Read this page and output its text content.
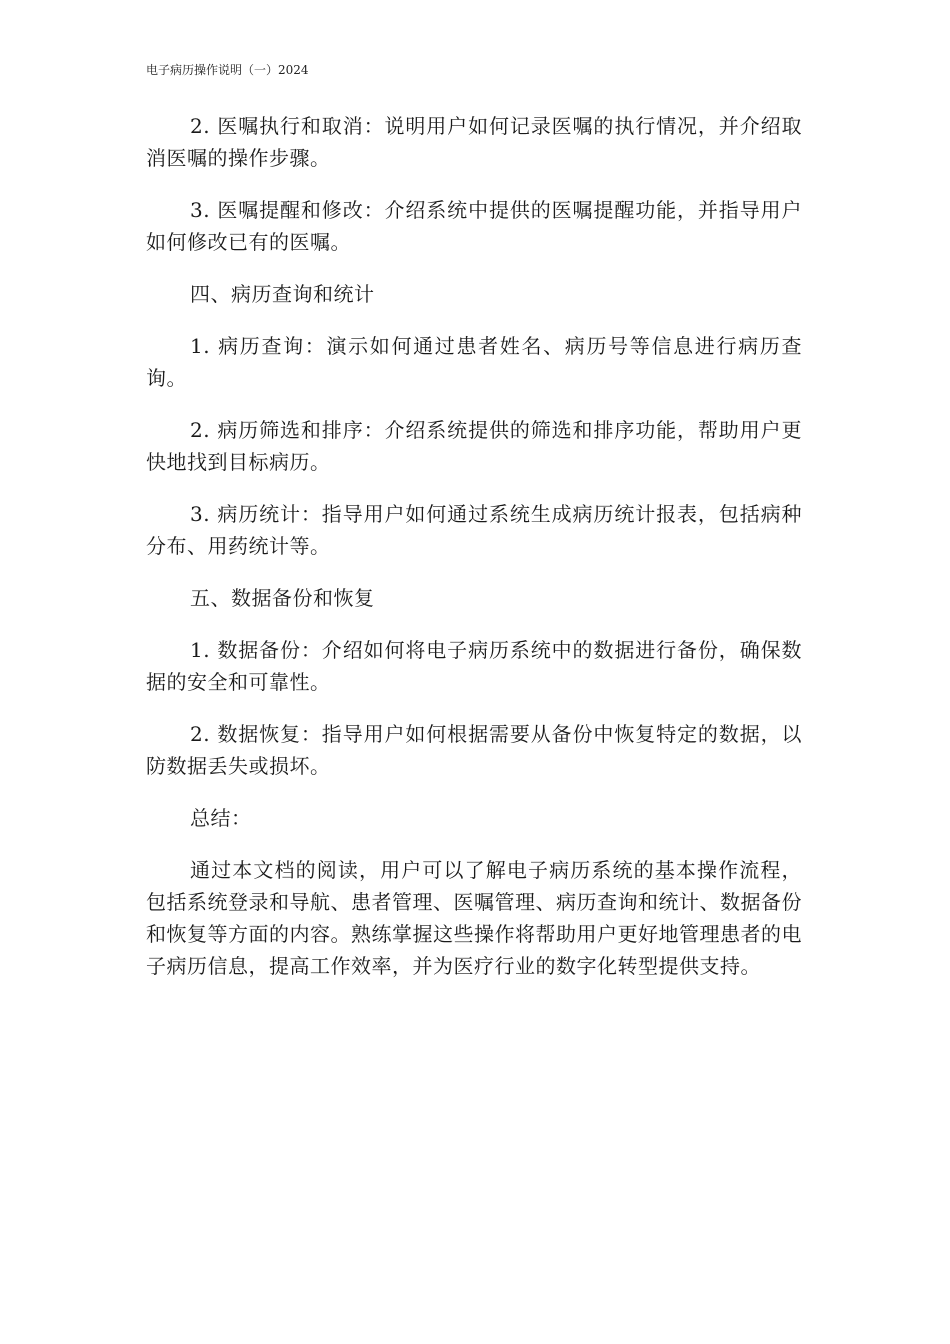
电子病历操作说明（一）2024

2. 医嘱执行和取消：说明用户如何记录医嘱的执行情况，并介绍取消医嘱的操作步骤。

3. 医嘱提醒和修改：介绍系统中提供的医嘱提醒功能，并指导用户如何修改已有的医嘱。

四、病历查询和统计

1. 病历查询：演示如何通过患者姓名、病历号等信息进行病历查询。

2. 病历筛选和排序：介绍系统提供的筛选和排序功能，帮助用户更快地找到目标病历。

3. 病历统计：指导用户如何通过系统生成病历统计报表，包括病种分布、用药统计等。

五、数据备份和恢复

1. 数据备份：介绍如何将电子病历系统中的数据进行备份，确保数据的安全和可靠性。

2. 数据恢复：指导用户如何根据需要从备份中恢复特定的数据，以防数据丢失或损坏。

总结：

通过本文档的阅读，用户可以了解电子病历系统的基本操作流程，包括系统登录和导航、患者管理、医嘱管理、病历查询和统计、数据备份和恢复等方面的内容。熟练掌握这些操作将帮助用户更好地管理患者的电子病历信息，提高工作效率，并为医疗行业的数字化转型提供支持。
